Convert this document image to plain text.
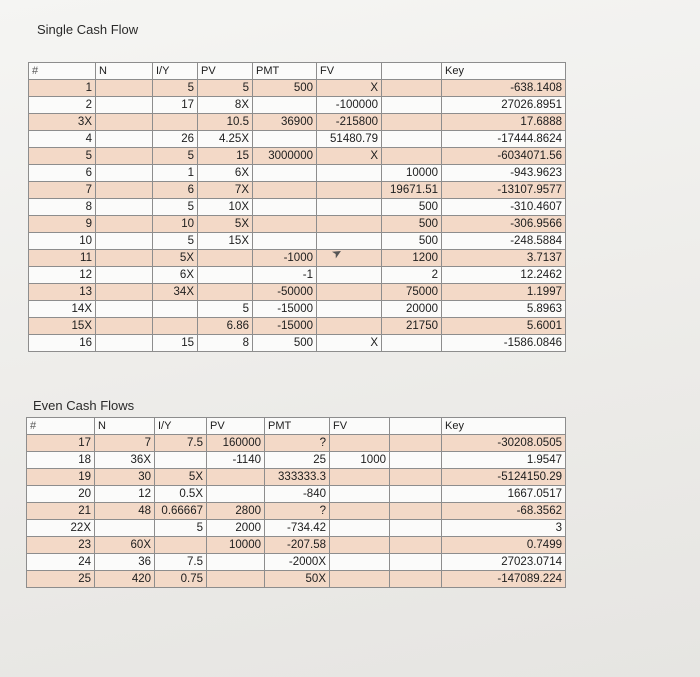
Single Cash Flow
#	N	I/Y	PV	PMT	FV		Key
1		5	5	500	X		-638.1408
2		17	8X		-100000		27026.8951
3X			10.5	36900	-215800		17.6888
4		26	4.25X		51480.79		-17444.8624
5		5	15	3000000	X		-6034071.56
6		1	6X			10000	-943.9623
7		6	7X			19671.51	-13107.9577
8		5	10X			500	-310.4607
9		10	5X			500	-306.9566
10		5	15X			500	-248.5884
11		5X		-1000		1200	3.7137
12		6X		-1		2	12.2462
13		34X		-50000		75000	1.1997
14X			5	-15000		20000	5.8963
15X			6.86	-15000		21750	5.6001
16		15	8	500	X		-1586.0846
Even Cash Flows
#	N	I/Y	PV	PMT	FV		Key
17	7	7.5	160000	?			-30208.0505
18	36X		-1140	25	1000		1.9547
19	30	5X		333333.3			-5124150.29
20	12	0.5X		-840			1667.0517
21	48	0.66667	2800	?			-68.3562
22X		5	2000	-734.42			3
23	60X		10000	-207.58			0.7499
24	36	7.5		-2000X			27023.0714
25	420	0.75		50X			-147089.224
➤
